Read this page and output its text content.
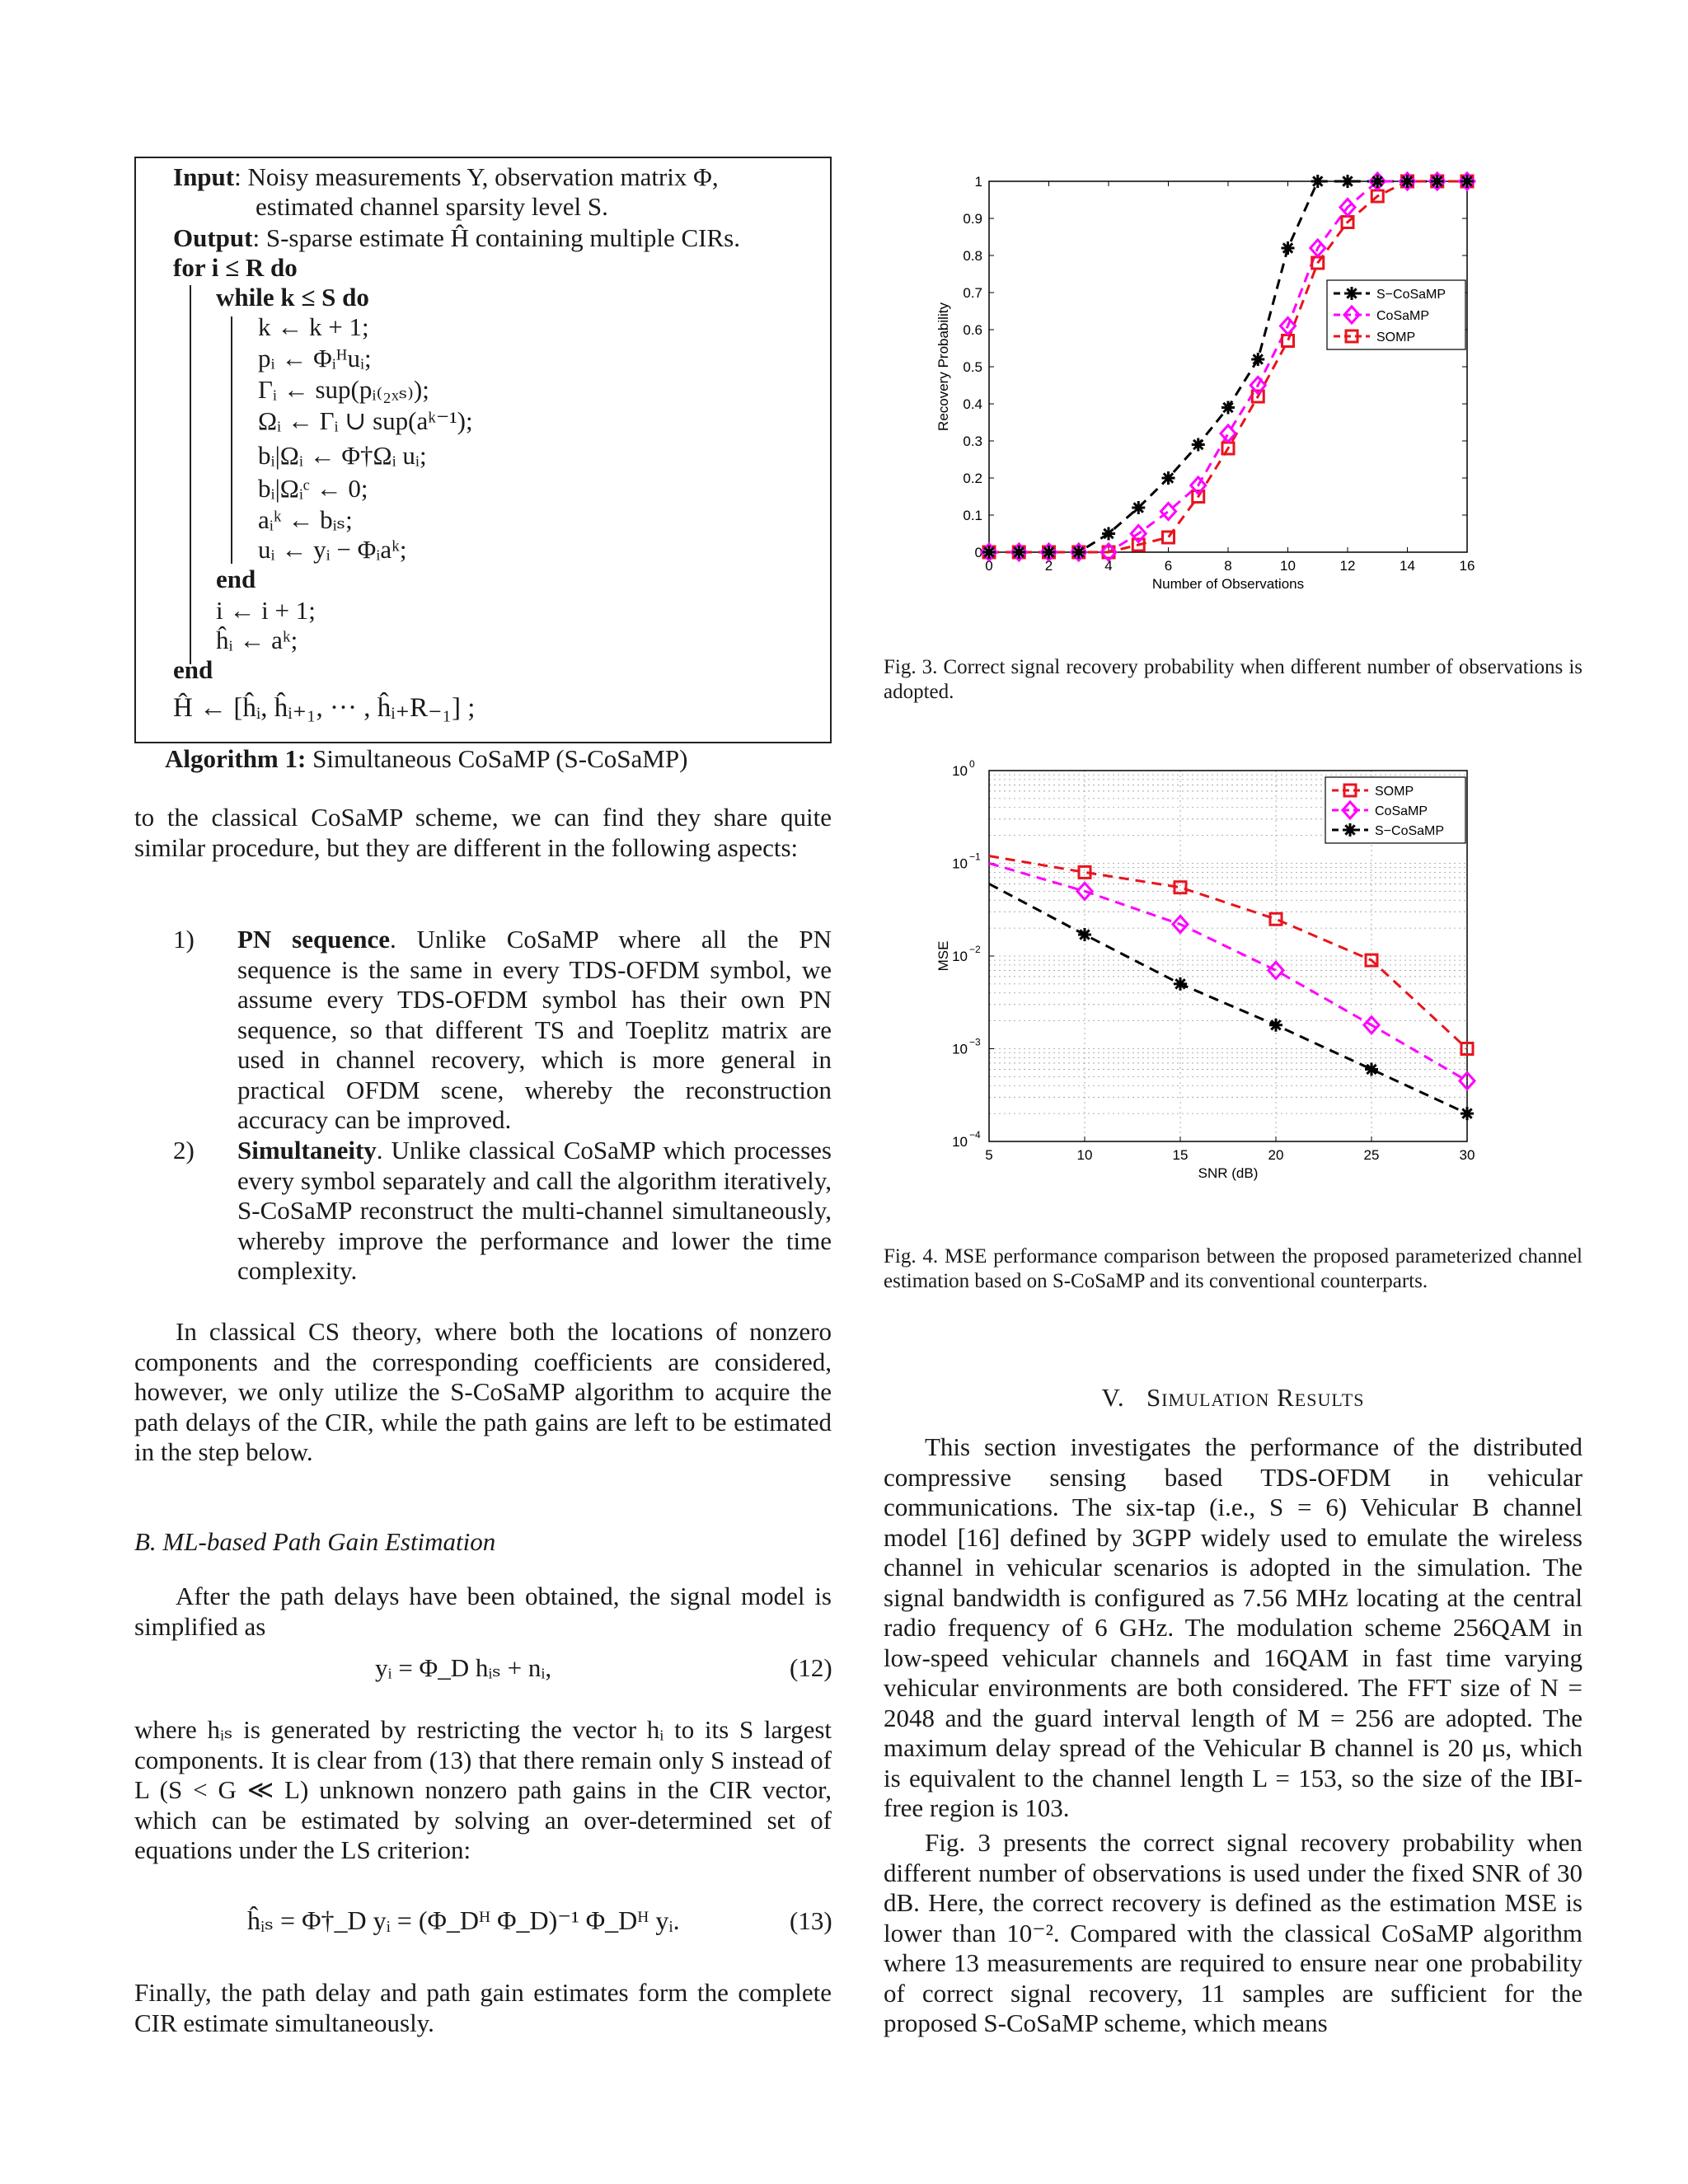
Input: Noisy measurements Y, observation matrix Φ,
estimated channel sparsity level S.
Output: S-sparse estimate Ĥ containing multiple CIRs.
for i ≤ R do
while k ≤ S do
k ← k + 1;
pᵢ ← Φᵢᴴuᵢ;
Γᵢ ← sup(pᵢ₍₂ₓₛ₎);
Ωᵢ ← Γᵢ ∪ sup(aᵏ⁻¹);
bᵢ|Ωᵢ ← Φ†Ωᵢ uᵢ;
bᵢ|Ωᵢᶜ ← 0;
aᵢᵏ ← bᵢₛ;
uᵢ ← yᵢ − Φᵢaᵏ;
end
i ← i + 1;
ĥᵢ ← aᵏ;
end
Ĥ ← [ĥᵢ, ĥᵢ₊₁, ··· , ĥᵢ₊R₋₁] ;
Algorithm 1: Simultaneous CoSaMP (S-CoSaMP)

to the classical CoSaMP scheme, we can find they share quite similar procedure, but they are different in the following aspects:

1) PN sequence. Unlike CoSaMP where all the PN sequence is the same in every TDS-OFDM symbol, we assume every TDS-OFDM symbol has their own PN sequence, so that different TS and Toeplitz matrix are used in channel recovery, which is more general in practical OFDM scene, whereby the reconstruction accuracy can be improved.

2) Simultaneity. Unlike classical CoSaMP which processes every symbol separately and call the algorithm iteratively, S-CoSaMP reconstruct the multi-channel simultaneously, whereby improve the performance and lower the time complexity.

In classical CS theory, where both the locations of nonzero components and the corresponding coefficients are considered, however, we only utilize the S-CoSaMP algorithm to acquire the path delays of the CIR, while the path gains are left to be estimated in the step below.

B. ML-based Path Gain Estimation

After the path delays have been obtained, the signal model is simplified as

yᵢ = Φ_D hᵢₛ + nᵢ,	(12)

where hᵢₛ is generated by restricting the vector hᵢ to its S largest components. It is clear from (13) that there remain only S instead of L (S < G ≪ L) unknown nonzero path gains in the CIR vector, which can be estimated by solving an over-determined set of equations under the LS criterion:

ĥᵢₛ = Φ†_D yᵢ = (Φ_Dᴴ Φ_D)⁻¹ Φ_Dᴴ yᵢ.	(13)

Finally, the path delay and path gain estimates form the complete CIR estimate simultaneously.

0	2	4	6	8	10	12	14	16
0
0.1
0.2
0.3
0.4
0.5
0.6
0.7
0.8
0.9
1
Number of Observations
Recovery Probability
S−CoSaMP
CoSaMP
SOMP

Fig. 3. Correct signal recovery probability when different number of observations is adopted.

5	10	15	20	25	30
10 0
10 −1
10 −2
10 −3
10 −4
SNR (dB)
MSE
SOMP
CoSaMP
S−CoSaMP

Fig. 4. MSE performance comparison between the proposed parameterized channel estimation based on S-CoSaMP and its conventional counterparts.

V. Simulation Results

This section investigates the performance of the distributed compressive sensing based TDS-OFDM in vehicular communications. The six-tap (i.e., S = 6) Vehicular B channel model [16] defined by 3GPP widely used to emulate the wireless channel in vehicular scenarios is adopted in the simulation. The signal bandwidth is configured as 7.56 MHz locating at the central radio frequency of 6 GHz. The modulation scheme 256QAM in low-speed vehicular channels and 16QAM in fast time varying vehicular environments are both considered. The FFT size of N = 2048 and the guard interval length of M = 256 are adopted. The maximum delay spread of the Vehicular B channel is 20 μs, which is equivalent to the channel length L = 153, so the size of the IBI-free region is 103.

Fig. 3 presents the correct signal recovery probability when different number of observations is used under the fixed SNR of 30 dB. Here, the correct recovery is defined as the estimation MSE is lower than 10⁻². Compared with the classical CoSaMP algorithm where 13 measurements are required to ensure near one probability of correct signal recovery, 11 samples are sufficient for the proposed S-CoSaMP scheme, which means
